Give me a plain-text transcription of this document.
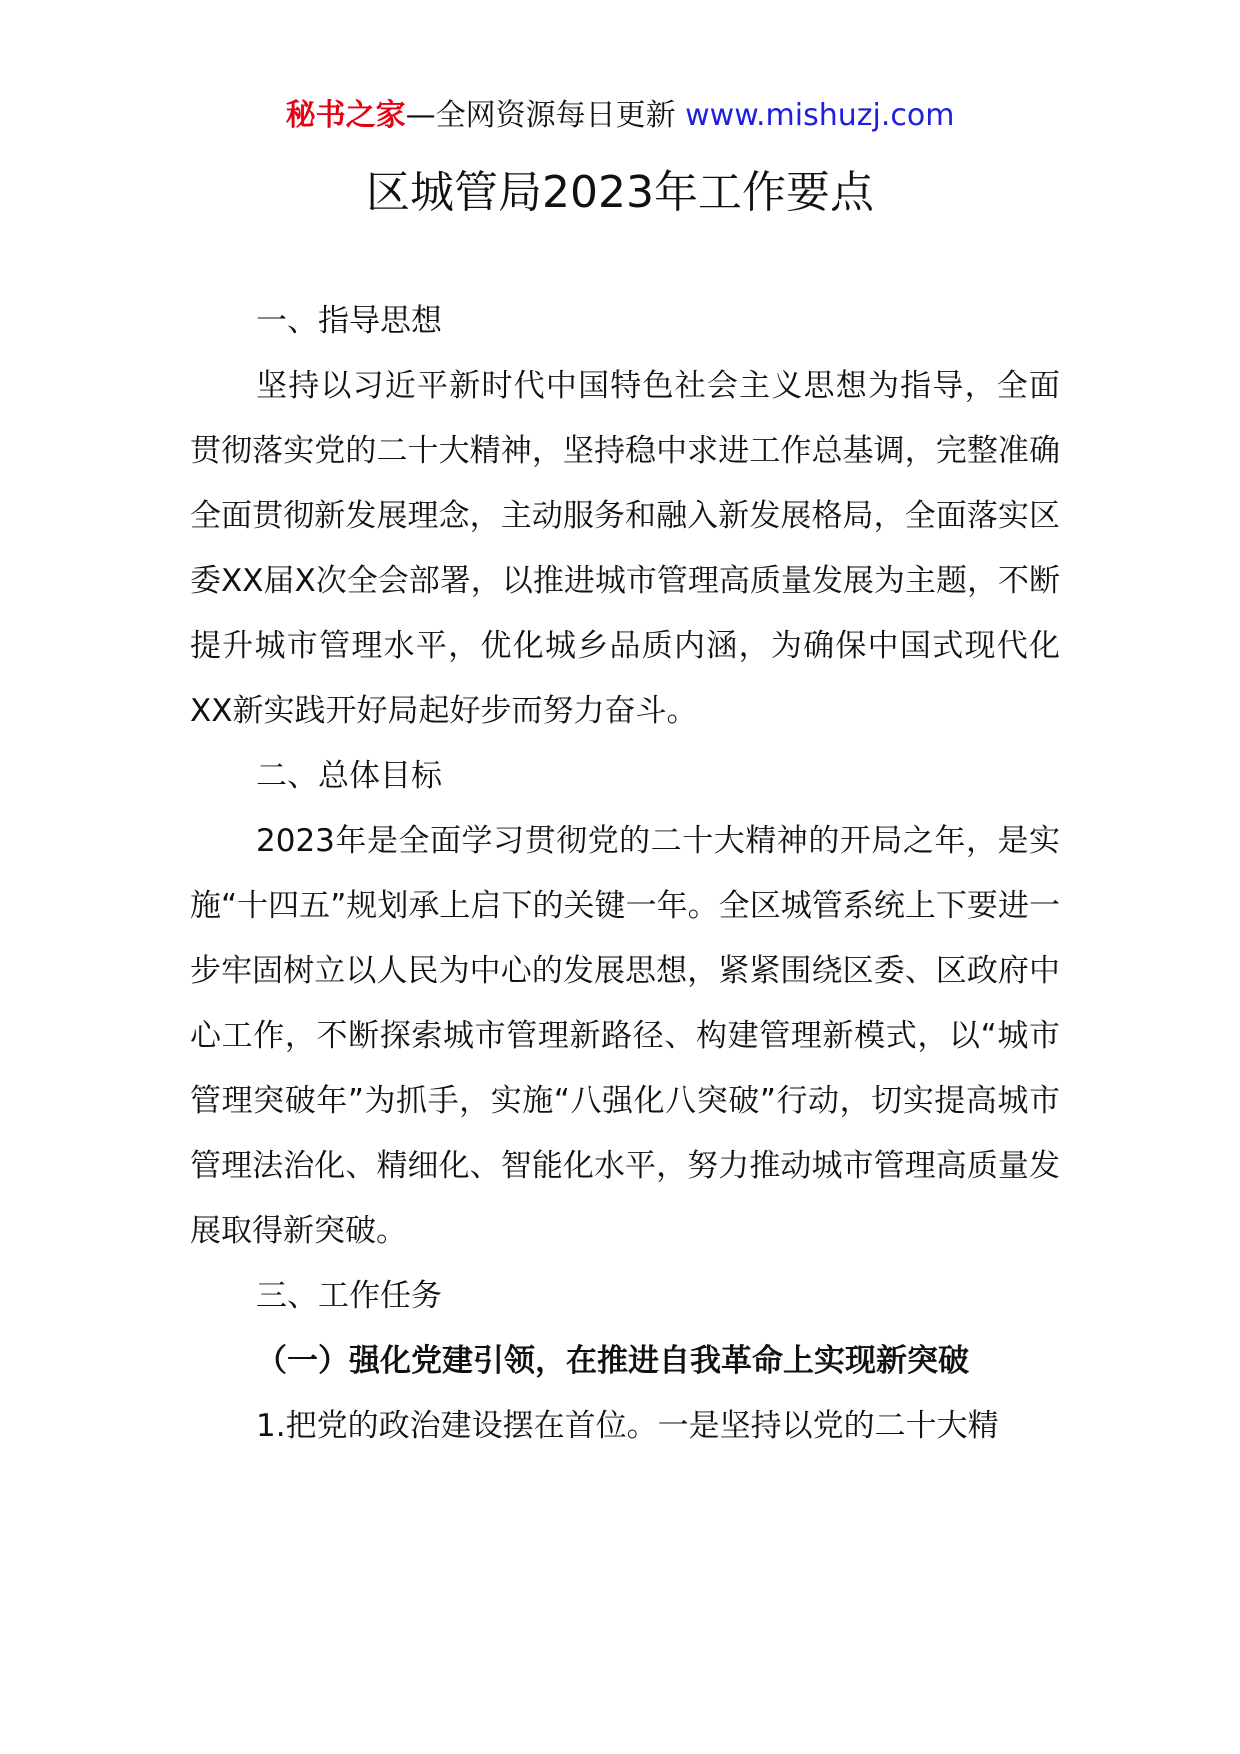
秘书之家—全网资源每日更新 www.mishuzj.com
区城管局2023年工作要点

一、指导思想

坚持以习近平新时代中国特色社会主义思想为指导，全面贯彻落实党的二十大精神，坚持稳中求进工作总基调，完整准确全面贯彻新发展理念，主动服务和融入新发展格局，全面落实区委XX届X次全会部署，以推进城市管理高质量发展为主题，不断提升城市管理水平，优化城乡品质内涵，为确保中国式现代化XX新实践开好局起好步而努力奋斗。

二、总体目标

2023年是全面学习贯彻党的二十大精神的开局之年，是实施“十四五”规划承上启下的关键一年。全区城管系统上下要进一步牢固树立以人民为中心的发展思想，紧紧围绕区委、区政府中心工作，不断探索城市管理新路径、构建管理新模式，以“城市管理突破年”为抓手，实施“八强化八突破”行动，切实提高城市管理法治化、精细化、智能化水平，努力推动城市管理高质量发展取得新突破。

三、工作任务

（一）强化党建引领，在推进自我革命上实现新突破

1.把党的政治建设摆在首位。一是坚持以党的二十大精
